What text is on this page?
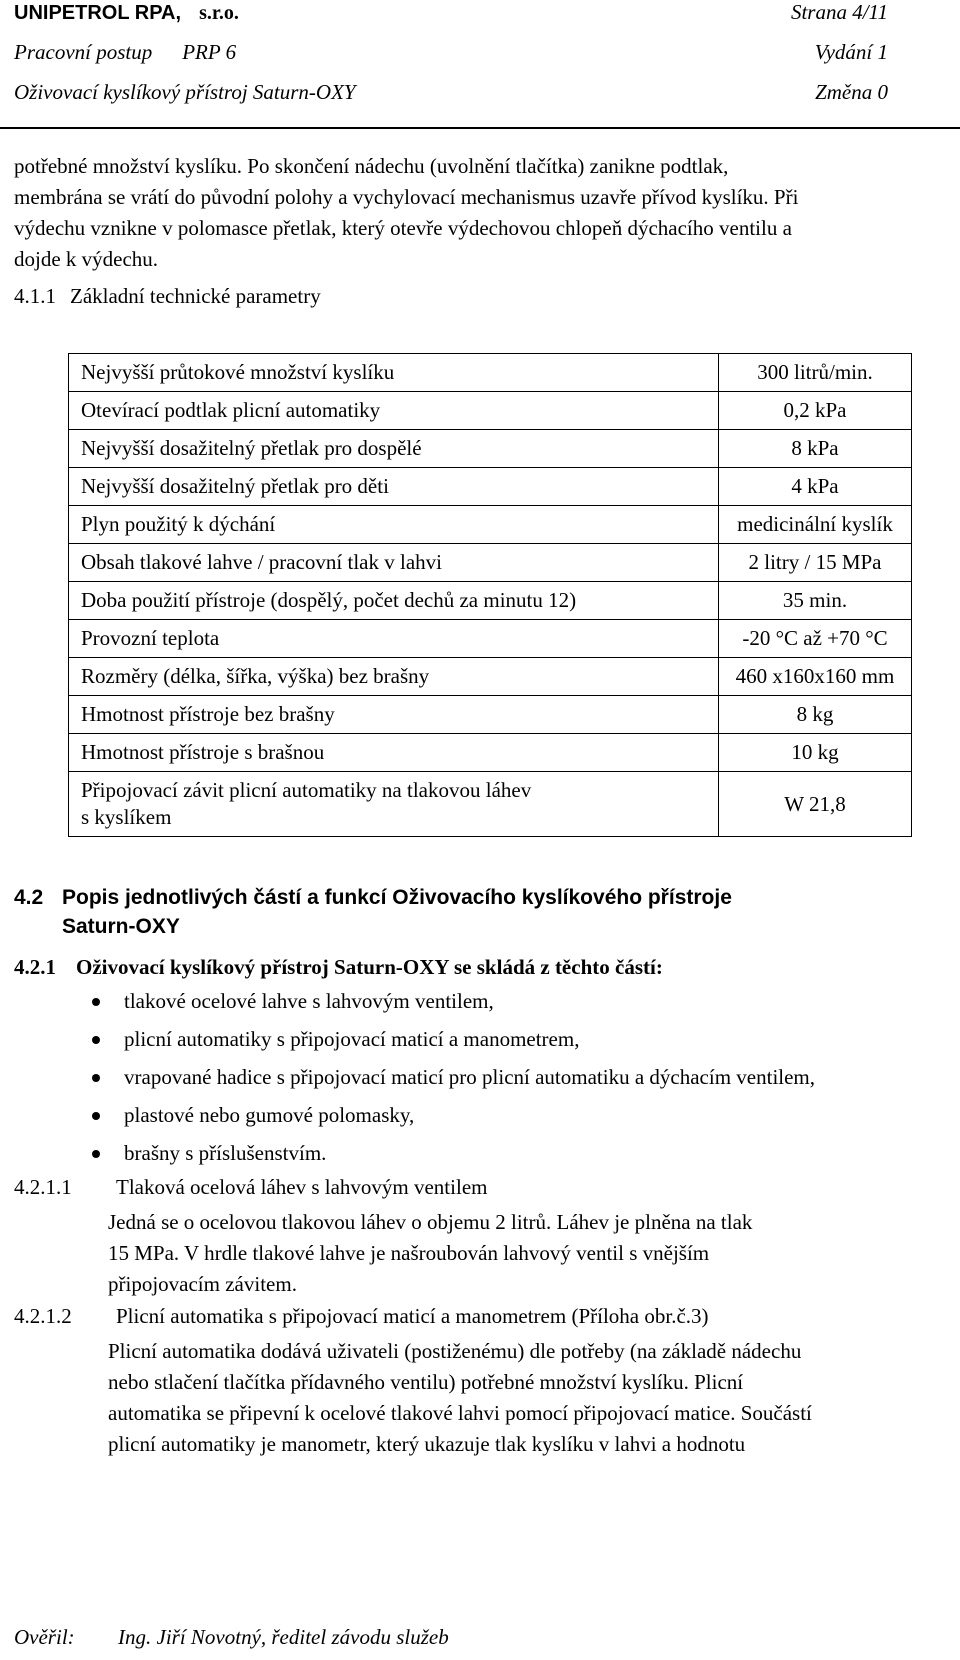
UNIPETROL RPA, s.r.o.	Strana 4/11
Pracovní postup PRP 6	Vydání 1
Oživovací kyslíkový přístroj Saturn-OXY	Změna 0
potřebné množství kyslíku. Po skončení nádechu (uvolnění tlačítka) zanikne podtlak,
membrána se vrátí do původní polohy a vychylovací mechanismus uzavře přívod kyslíku. Při
výdechu vznikne v polomasce přetlak, který otevře výdechovou chlopeň dýchacího ventilu a
dojde k výdechu.
4.1.1 Základní technické parametry
Nejvyšší průtokové množství kyslíku	300 litrů/min.
Otevírací podtlak plicní automatiky	0,2 kPa
Nejvyšší dosažitelný přetlak pro dospělé	8 kPa
Nejvyšší dosažitelný přetlak pro děti	4 kPa
Plyn použitý k dýchání	medicinální kyslík
Obsah tlakové lahve / pracovní tlak v lahvi	2 litry / 15 MPa
Doba použití přístroje (dospělý, počet dechů za minutu 12)	35 min.
Provozní teplota	-20 °C až +70 °C
Rozměry (délka, šířka, výška) bez brašny	460 x160x160 mm
Hmotnost přístroje bez brašny	8 kg
Hmotnost přístroje s brašnou	10 kg

Připojovací závit plicní automatiky na tlakovou láhev
s kyslíkem	W 21,8
4.2 Popis jednotlivých částí a funkcí Oživovacího kyslíkového přístroje
Saturn-OXY
4.2.1 Oživovací kyslíkový přístroj Saturn-OXY se skládá z těchto částí:
tlakové ocelové lahve s lahvovým ventilem,
plicní automatiky s připojovací maticí a manometrem,
vrapované hadice s připojovací maticí pro plicní automatiku a dýchacím ventilem,
plastové nebo gumové polomasky,
brašny s příslušenstvím.
4.2.1.1 Tlaková ocelová láhev s lahvovým ventilem
Jedná se o ocelovou tlakovou láhev o objemu 2 litrů. Láhev je plněna na tlak
15 MPa. V hrdle tlakové lahve je našroubován lahvový ventil s vnějším
připojovacím závitem.
4.2.1.2 Plicní automatika s připojovací maticí a manometrem (Příloha obr.č.3)
Plicní automatika dodává uživateli (postiženému) dle potřeby (na základě nádechu
nebo stlačení tlačítka přídavného ventilu) potřebné množství kyslíku. Plicní
automatika se připevní k ocelové tlakové lahvi pomocí připojovací matice. Součástí
plicní automatiky je manometr, který ukazuje tlak kyslíku v lahvi a hodnotu
Ověřil: Ing. Jiří Novotný, ředitel závodu služeb
